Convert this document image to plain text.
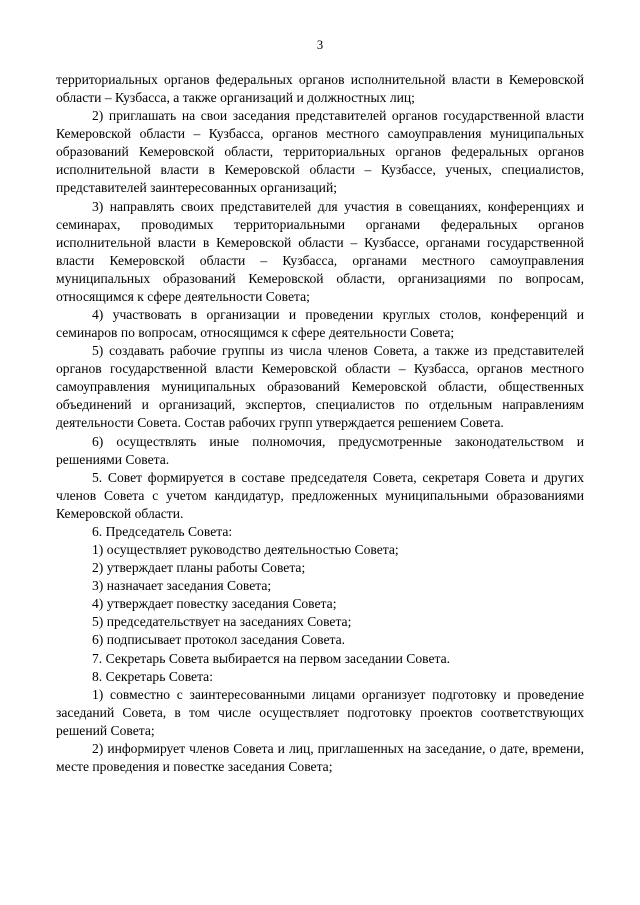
3

территориальных органов федеральных органов исполнительной власти в Кемеровской области – Кузбасса, а также организаций и должностных лиц;

2) приглашать на свои заседания представителей органов государственной власти Кемеровской области – Кузбасса, органов местного самоуправления муниципальных образований Кемеровской области, территориальных органов федеральных органов исполнительной власти в Кемеровской области – Кузбассе, ученых, специалистов, представителей заинтересованных организаций;

3) направлять своих представителей для участия в совещаниях, конференциях и семинарах, проводимых территориальными органами федеральных органов исполнительной власти в Кемеровской области – Кузбассе, органами государственной власти Кемеровской области – Кузбасса, органами местного самоуправления муниципальных образований Кемеровской области, организациями по вопросам, относящимся к сфере деятельности Совета;

4) участвовать в организации и проведении круглых столов, конференций и семинаров по вопросам, относящимся к сфере деятельности Совета;

5) создавать рабочие группы из числа членов Совета, а также из представителей органов государственной власти Кемеровской области – Кузбасса, органов местного самоуправления муниципальных образований Кемеровской области, общественных объединений и организаций, экспертов, специалистов по отдельным направлениям деятельности Совета. Состав рабочих групп утверждается решением Совета.

6) осуществлять иные полномочия, предусмотренные законодательством и решениями Совета.

5. Совет формируется в составе председателя Совета, секретаря Совета и других членов Совета с учетом кандидатур, предложенных муниципальными образованиями Кемеровской области.

6. Председатель Совета:

1) осуществляет руководство деятельностью Совета;

2) утверждает планы работы Совета;

3) назначает заседания Совета;

4) утверждает повестку заседания Совета;

5) председательствует на заседаниях Совета;

6) подписывает протокол заседания Совета.

7. Секретарь Совета выбирается на первом заседании Совета.

8. Секретарь Совета:

1) совместно с заинтересованными лицами организует подготовку и проведение заседаний Совета, в том числе осуществляет подготовку проектов соответствующих решений Совета;

2) информирует членов Совета и лиц, приглашенных на заседание, о дате, времени, месте проведения и повестке заседания Совета;
